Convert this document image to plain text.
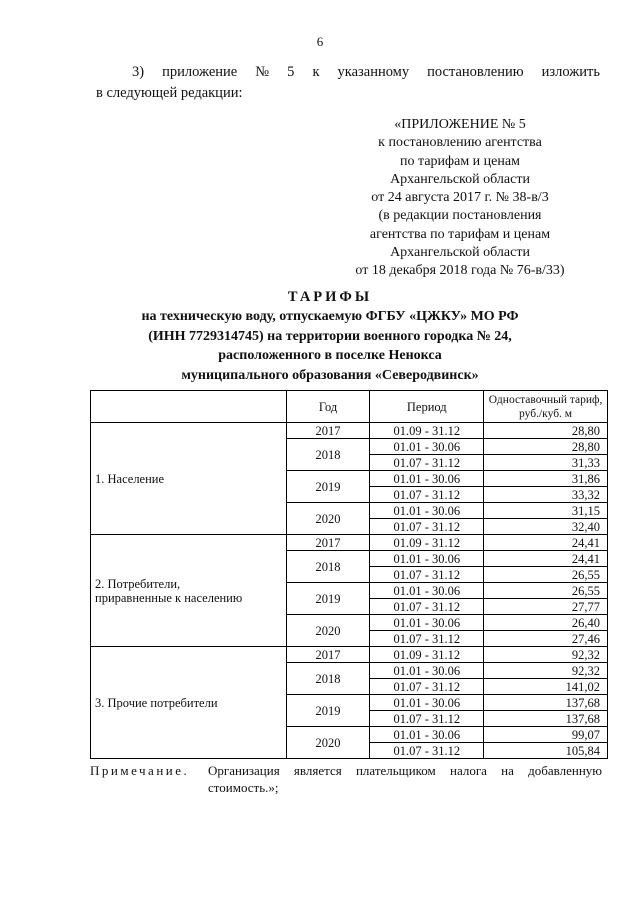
6
3) приложение № 5 к указанному постановлению изложить
в следующей редакции:
«ПРИЛОЖЕНИЕ № 5
к постановлению агентства
по тарифам и ценам
Архангельской области
от 24 августа 2017 г. № 38-в/3
(в редакции постановления
агентства по тарифам и ценам
Архангельской области
от 18 декабря 2018 года № 76-в/33)
ТАРИФЫ
на техническую воду, отпускаемую ФГБУ «ЦЖКУ» МО РФ
(ИНН 7729314745) на территории военного городка № 24,
расположенного в поселке Ненокса
муниципального образования «Северодвинск»
	Год	Период	Одноставочный тариф, руб./куб. м
1. Население	2017	01.09 - 31.12	28,80
	2018	01.01 - 30.06	28,80
		01.07 - 31.12	31,33
	2019	01.01 - 30.06	31,86
		01.07 - 31.12	33,32
	2020	01.01 - 30.06	31,15
		01.07 - 31.12	32,40
2. Потребители, приравненные к населению	2017	01.09 - 31.12	24,41
	2018	01.01 - 30.06	24,41
		01.07 - 31.12	26,55
	2019	01.01 - 30.06	26,55
		01.07 - 31.12	27,77
	2020	01.01 - 30.06	26,40
		01.07 - 31.12	27,46
3. Прочие потребители	2017	01.09 - 31.12	92,32
	2018	01.01 - 30.06	92,32
		01.07 - 31.12	141,02
	2019	01.01 - 30.06	137,68
		01.07 - 31.12	137,68
	2020	01.01 - 30.06	99,07
		01.07 - 31.12	105,84
Примечание.	Организация является плательщиком налога на добавленную стоимость.»;
